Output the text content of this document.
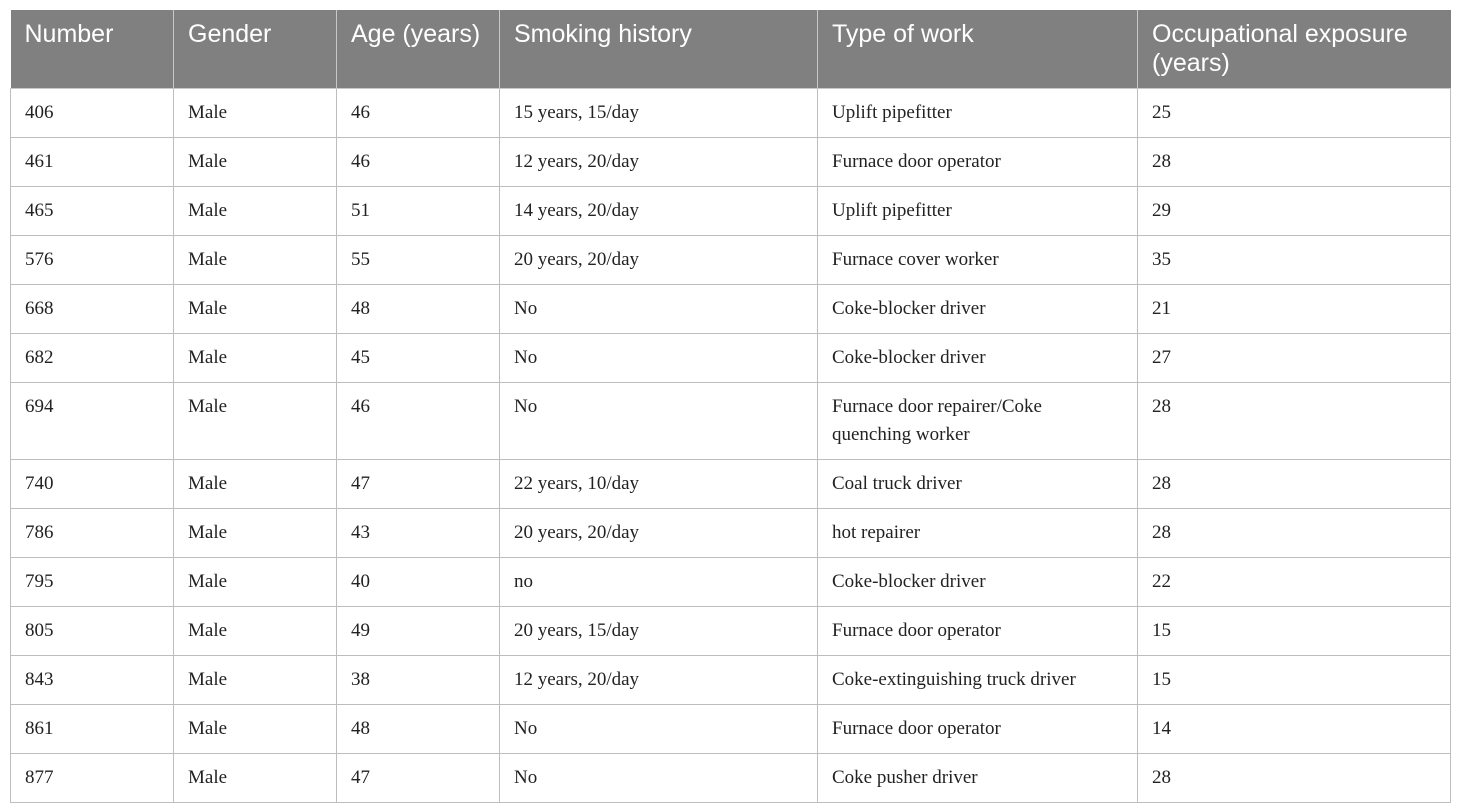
Number	Gender	Age (years)	Smoking history	Type of work	Occupational exposure (years)
406	Male	46	15 years, 15/day	Uplift pipefitter	25
461	Male	46	12 years, 20/day	Furnace door operator	28
465	Male	51	14 years, 20/day	Uplift pipefitter	29
576	Male	55	20 years, 20/day	Furnace cover worker	35
668	Male	48	No	Coke-blocker driver	21
682	Male	45	No	Coke-blocker driver	27
694	Male	46	No	Furnace door repairer/Coke quenching worker	28
740	Male	47	22 years, 10/day	Coal truck driver	28
786	Male	43	20 years, 20/day	hot repairer	28
795	Male	40	no	Coke-blocker driver	22
805	Male	49	20 years, 15/day	Furnace door operator	15
843	Male	38	12 years, 20/day	Coke-extinguishing truck driver	15
861	Male	48	No	Furnace door operator	14
877	Male	47	No	Coke pusher driver	28
